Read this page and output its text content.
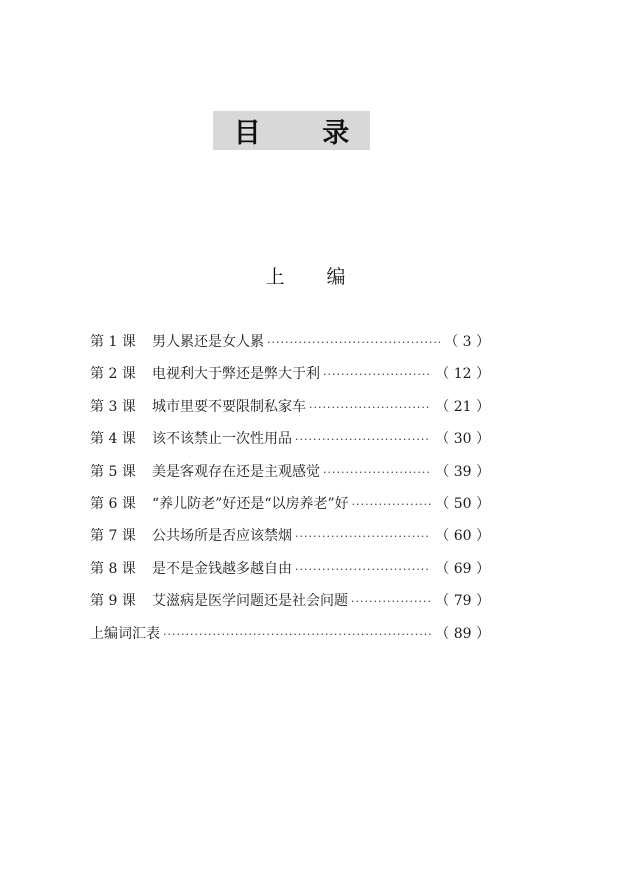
目 录
上 编
第 1 课	男人累还是女人累 ·····	（ 3 ）
第 2 课	电视利大于弊还是弊大于利 ·····	（ 12 ）
第 3 课	城市里要不要限制私家车 ·····	（ 21 ）
第 4 课	该不该禁止一次性用品 ·····	（ 30 ）
第 5 课	美是客观存在还是主观感觉 ·····	（ 39 ）
第 6 课	“养儿防老”好还是“以房养老”好 ·····	（ 50 ）
第 7 课	公共场所是否应该禁烟 ·····	（ 60 ）
第 8 课	是不是金钱越多越自由 ·····	（ 69 ）
第 9 课	艾滋病是医学问题还是社会问题 ·····	（ 79 ）
上编词汇表 ·····	（ 89 ）
